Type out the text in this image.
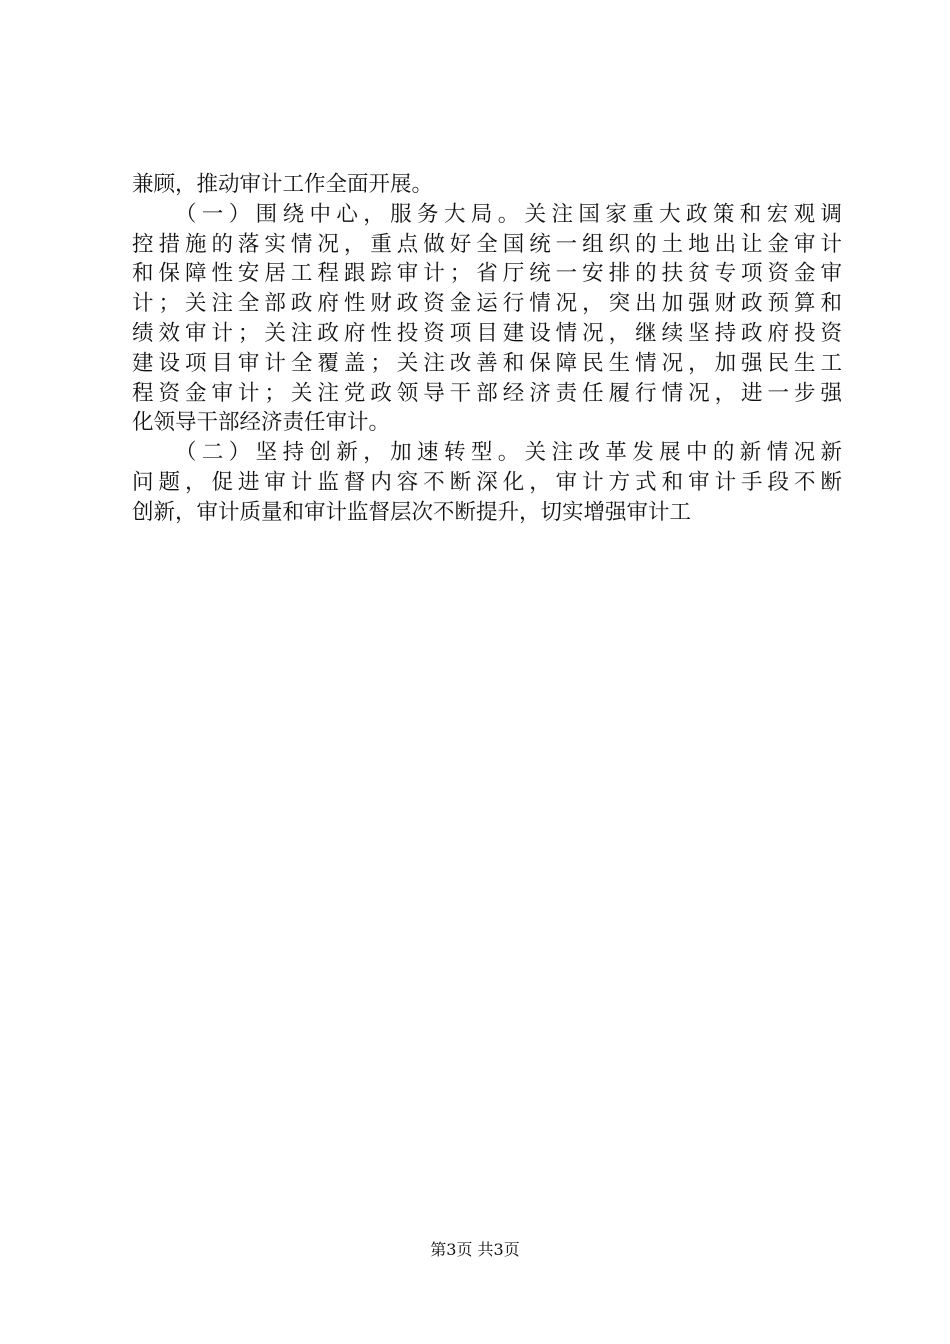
兼顾，推动审计工作全面开展。
（一）围绕中心，服务大局。关注国家重大政策和宏观调
控措施的落实情况，重点做好全国统一组织的土地出让金审计
和保障性安居工程跟踪审计；省厅统一安排的扶贫专项资金审
计；关注全部政府性财政资金运行情况，突出加强财政预算和
绩效审计；关注政府性投资项目建设情况，继续坚持政府投资
建设项目审计全覆盖；关注改善和保障民生情况，加强民生工
程资金审计；关注党政领导干部经济责任履行情况，进一步强
化领导干部经济责任审计。
（二）坚持创新，加速转型。关注改革发展中的新情况新
问题，促进审计监督内容不断深化，审计方式和审计手段不断
创新，审计质量和审计监督层次不断提升，切实增强审计工
第3页 共3页
